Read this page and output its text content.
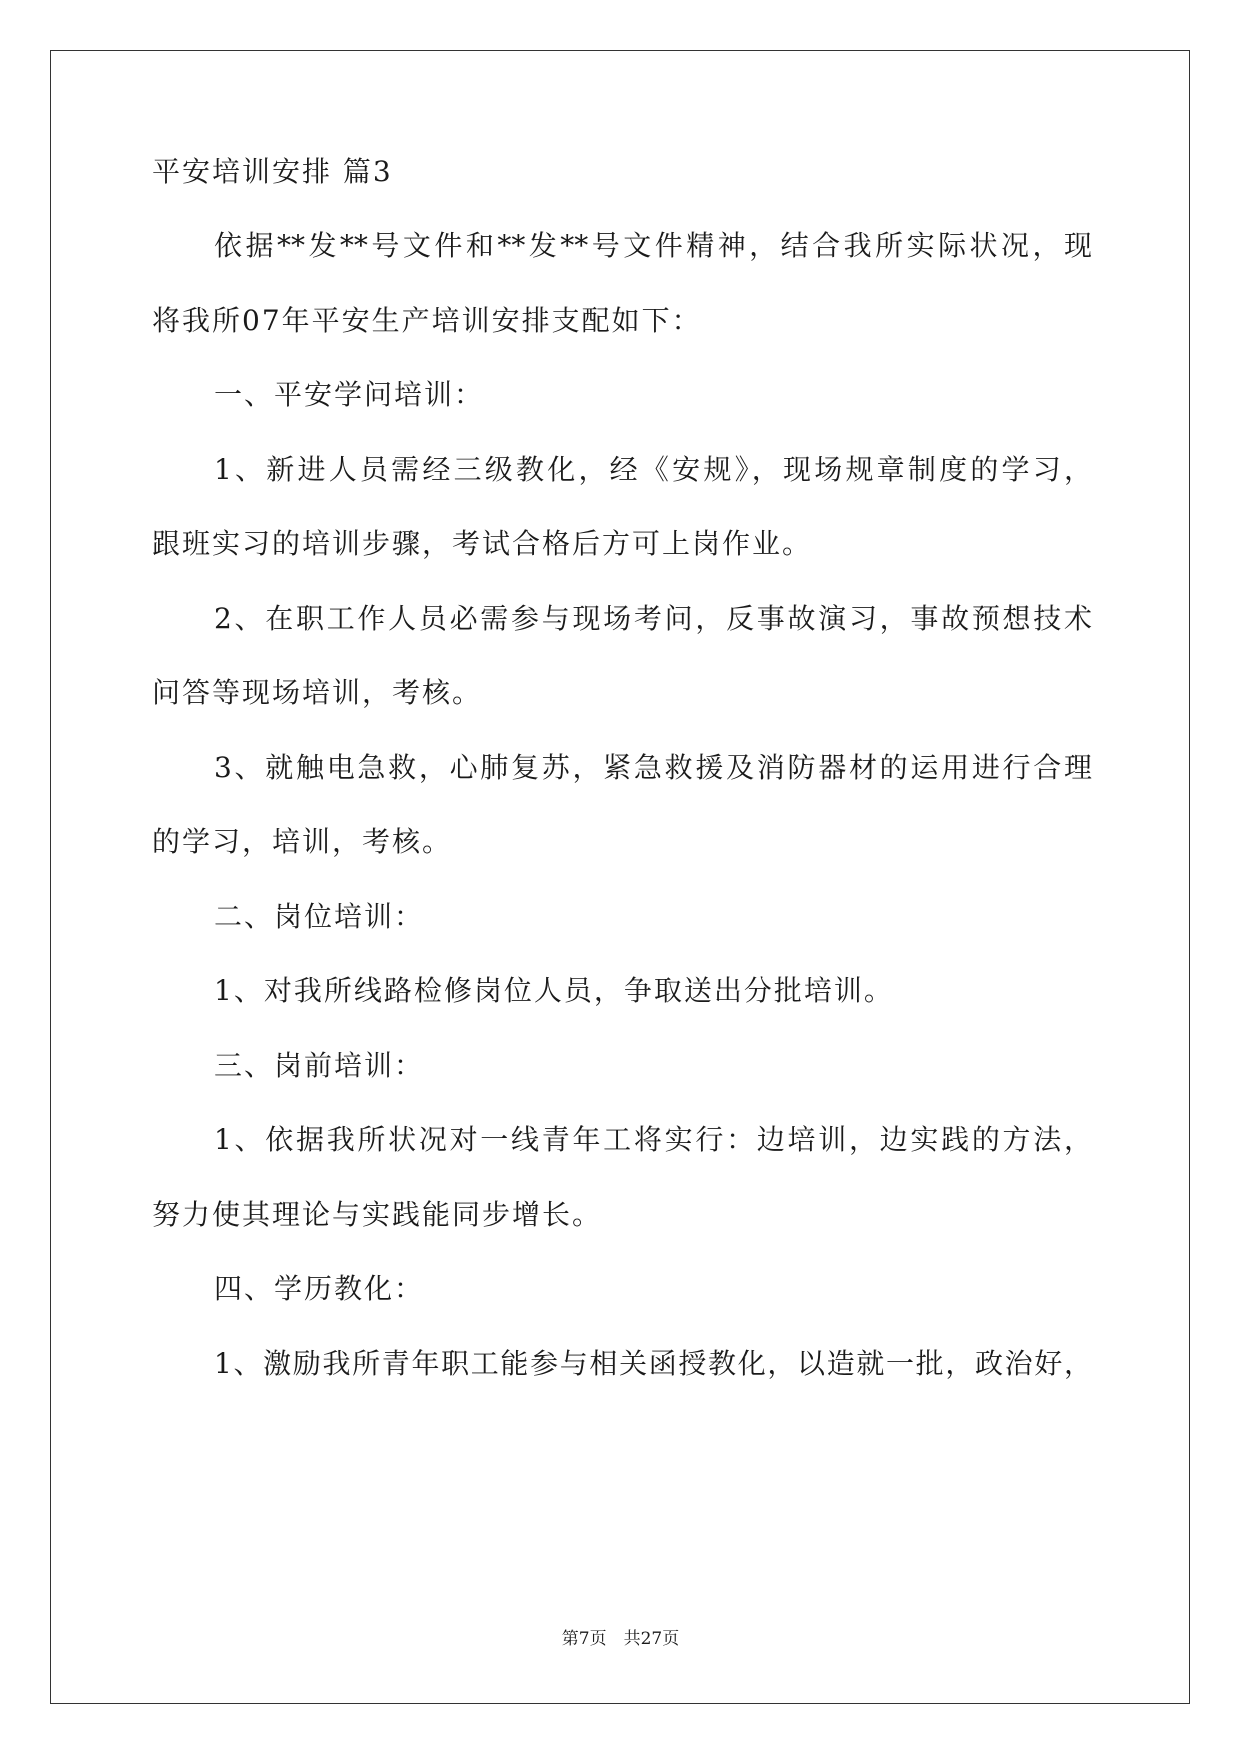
平安培训安排 篇3
依据**发**号文件和**发**号文件精神，结合我所实际状况，现
将我所07年平安生产培训安排支配如下：
一、平安学问培训：
1、新进人员需经三级教化，经《安规》，现场规章制度的学习，
跟班实习的培训步骤，考试合格后方可上岗作业。
2、在职工作人员必需参与现场考问，反事故演习，事故预想技术
问答等现场培训，考核。
3、就触电急救，心肺复苏，紧急救援及消防器材的运用进行合理
的学习，培训，考核。
二、岗位培训：
1、对我所线路检修岗位人员，争取送出分批培训。
三、岗前培训：
1、依据我所状况对一线青年工将实行：边培训，边实践的方法，
努力使其理论与实践能同步增长。
四、学历教化：
1、激励我所青年职工能参与相关函授教化，以造就一批，政治好，
第7页　共27页
